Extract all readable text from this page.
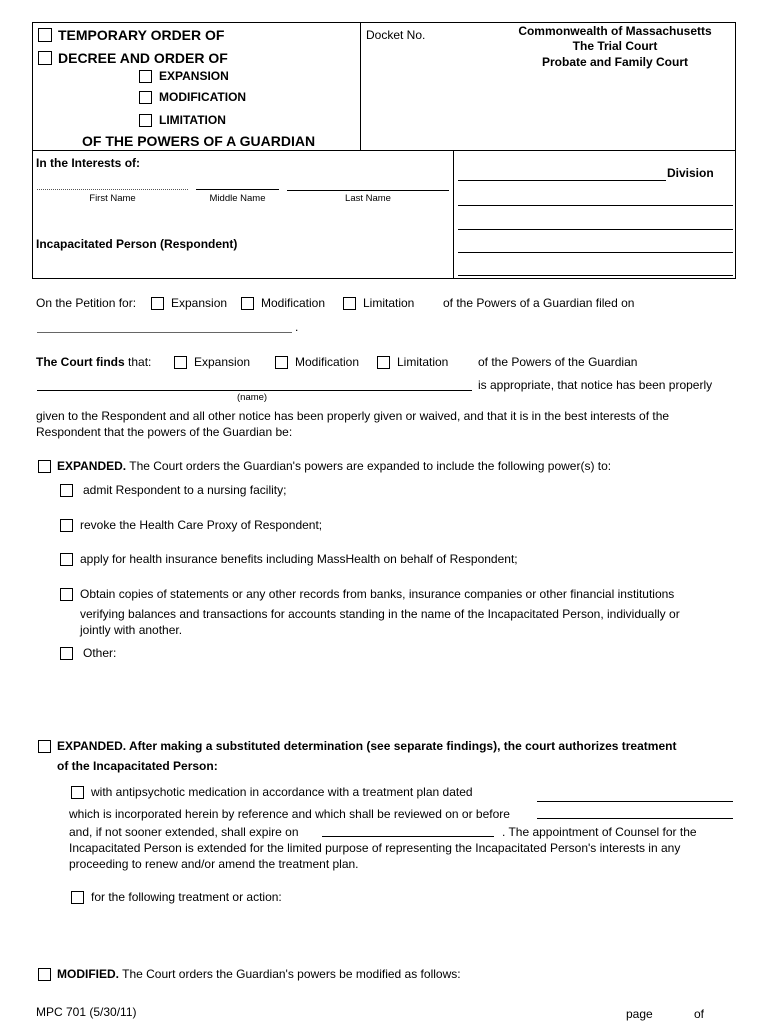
TEMPORARY ORDER OF
DECREE AND ORDER OF
EXPANSION
MODIFICATION
LIMITATION
OF THE POWERS OF A GUARDIAN
Docket No.	Commonwealth of Massachusetts
The Trial Court
Probate and Family Court
In the Interests of:
First Name	Middle Name	Last Name
Incapacitated Person (Respondent)
Division
On the Petition for:	Expansion	Modification	Limitation of the Powers of a Guardian filed on
.
The Court finds that:	Expansion	Modification	Limitation of the Powers of the Guardian
is appropriate, that notice has been properly
(name)
given to the Respondent and all other notice has been properly given or waived, and that it is in the best interests of the
Respondent that the powers of the Guardian be:
EXPANDED. The Court orders the Guardian's powers are expanded to include the following power(s) to:
admit Respondent to a nursing facility;
revoke the Health Care Proxy of Respondent;
apply for health insurance benefits including MassHealth on behalf of Respondent;
Obtain copies of statements or any other records from banks, insurance companies or other financial institutions
verifying balances and transactions for accounts standing in the name of the Incapacitated Person, individually or
jointly with another.
Other:
EXPANDED. After making a substituted determination (see separate findings), the court authorizes treatment
of the Incapacitated Person:
with antipsychotic medication in accordance with a treatment plan dated
which is incorporated herein by reference and which shall be reviewed on or before
and, if not sooner extended, shall expire on	. The appointment of Counsel for the
Incapacitated Person is extended for the limited purpose of representing the Incapacitated Person's interests in any
proceeding to renew and/or amend the treatment plan.
for the following treatment or action:
MODIFIED. The Court orders the Guardian's powers be modified as follows:
MPC 701 (5/30/11)	page	of
